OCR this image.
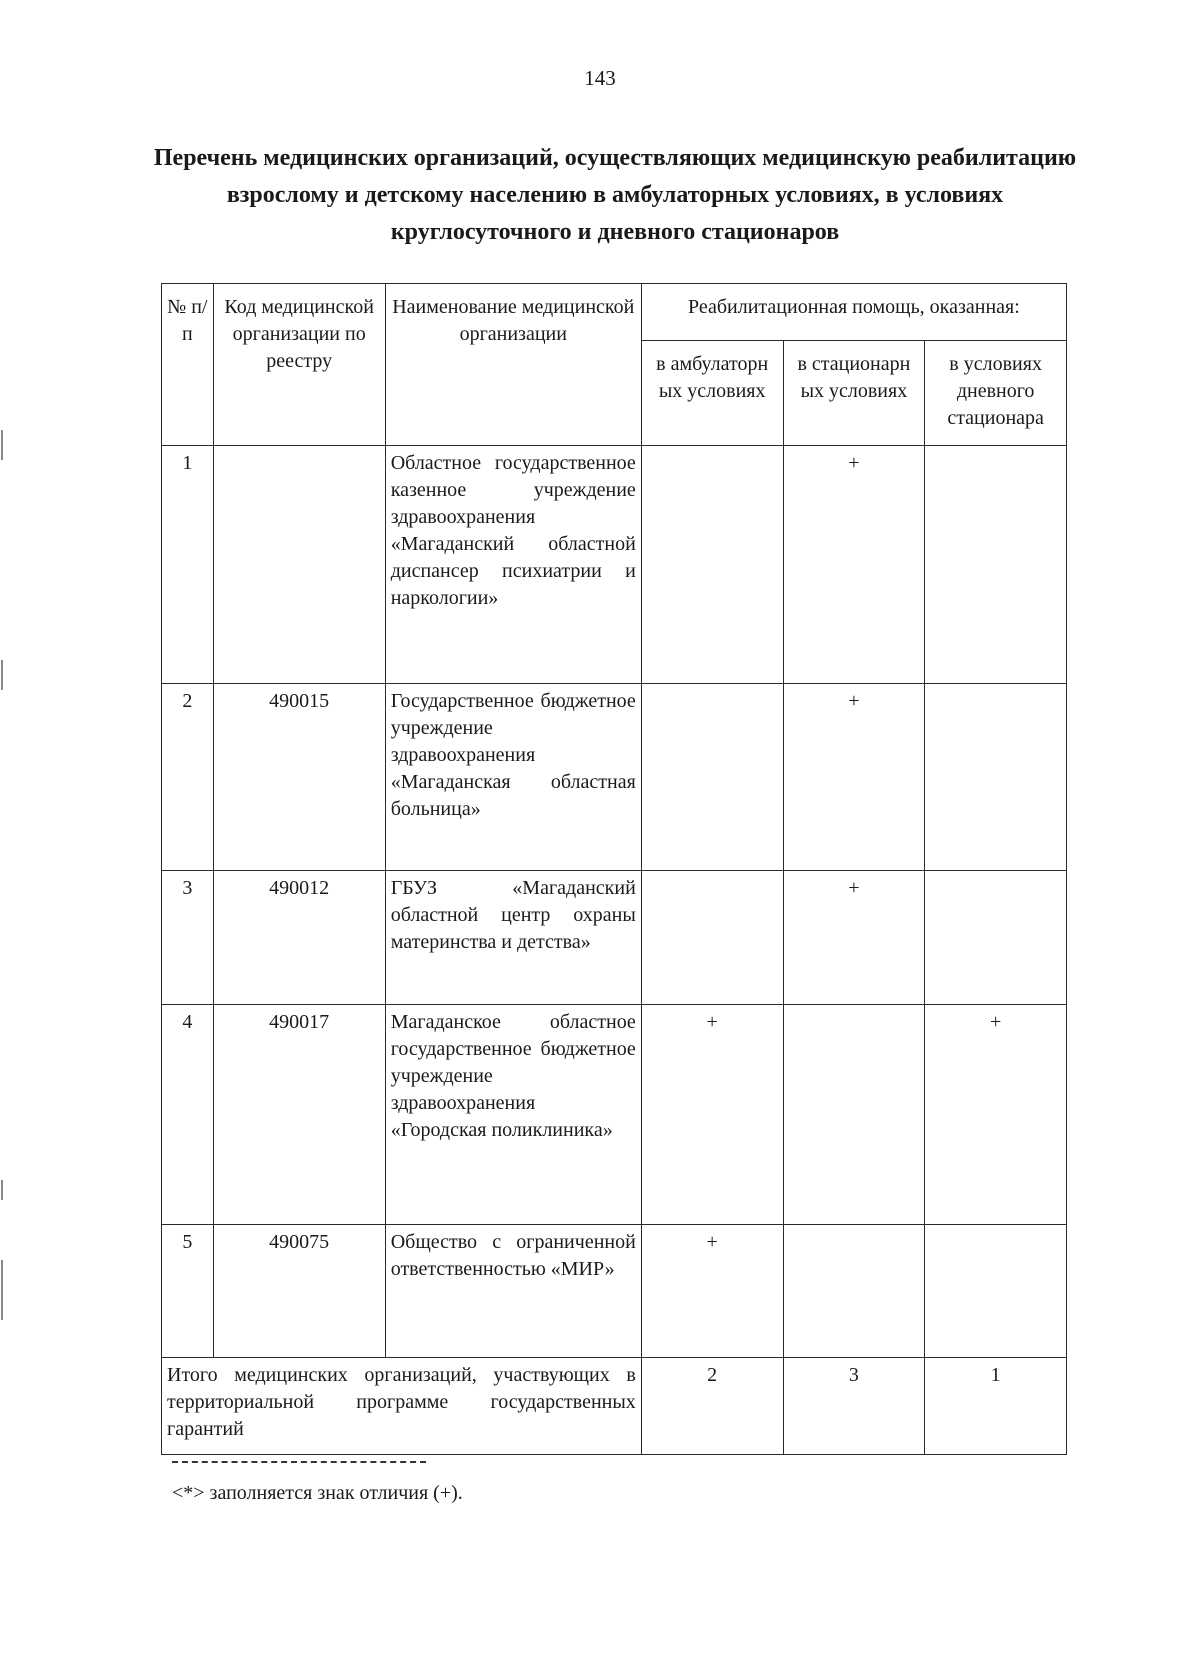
143
Перечень медицинских организаций, осуществляющих медицинскую реабилитацию взрослому и детскому населению в амбулаторных условиях, в условиях круглосуточного и дневного стационаров
№ п/п	Код медицинской организации по реестру	Наименование медицинской организации	Реабилитационная помощь, оказанная:		
			в амбулаторн ых условиях	в стационарн ых условиях	в условиях дневного стационара
1		Областное государственное казенное учреждение здравоохранения «Магаданский областной диспансер психиатрии и наркологии»		+	
2	490015	Государственное бюджетное учреждение здравоохранения «Магаданская областная больница»		+	
3	490012	ГБУЗ «Магаданский областной центр охраны материнства и детства»		+	
4	490017	Магаданское областное государственное бюджетное учреждение здравоохранения «Городская поликлиника»	+		+
5	490075	Общество с ограниченной ответственностью «МИР»	+		
Итого медицинских организаций, участвующих в территориальной программе государственных гарантий			2	3	1
<*> заполняется знак отличия (+).
